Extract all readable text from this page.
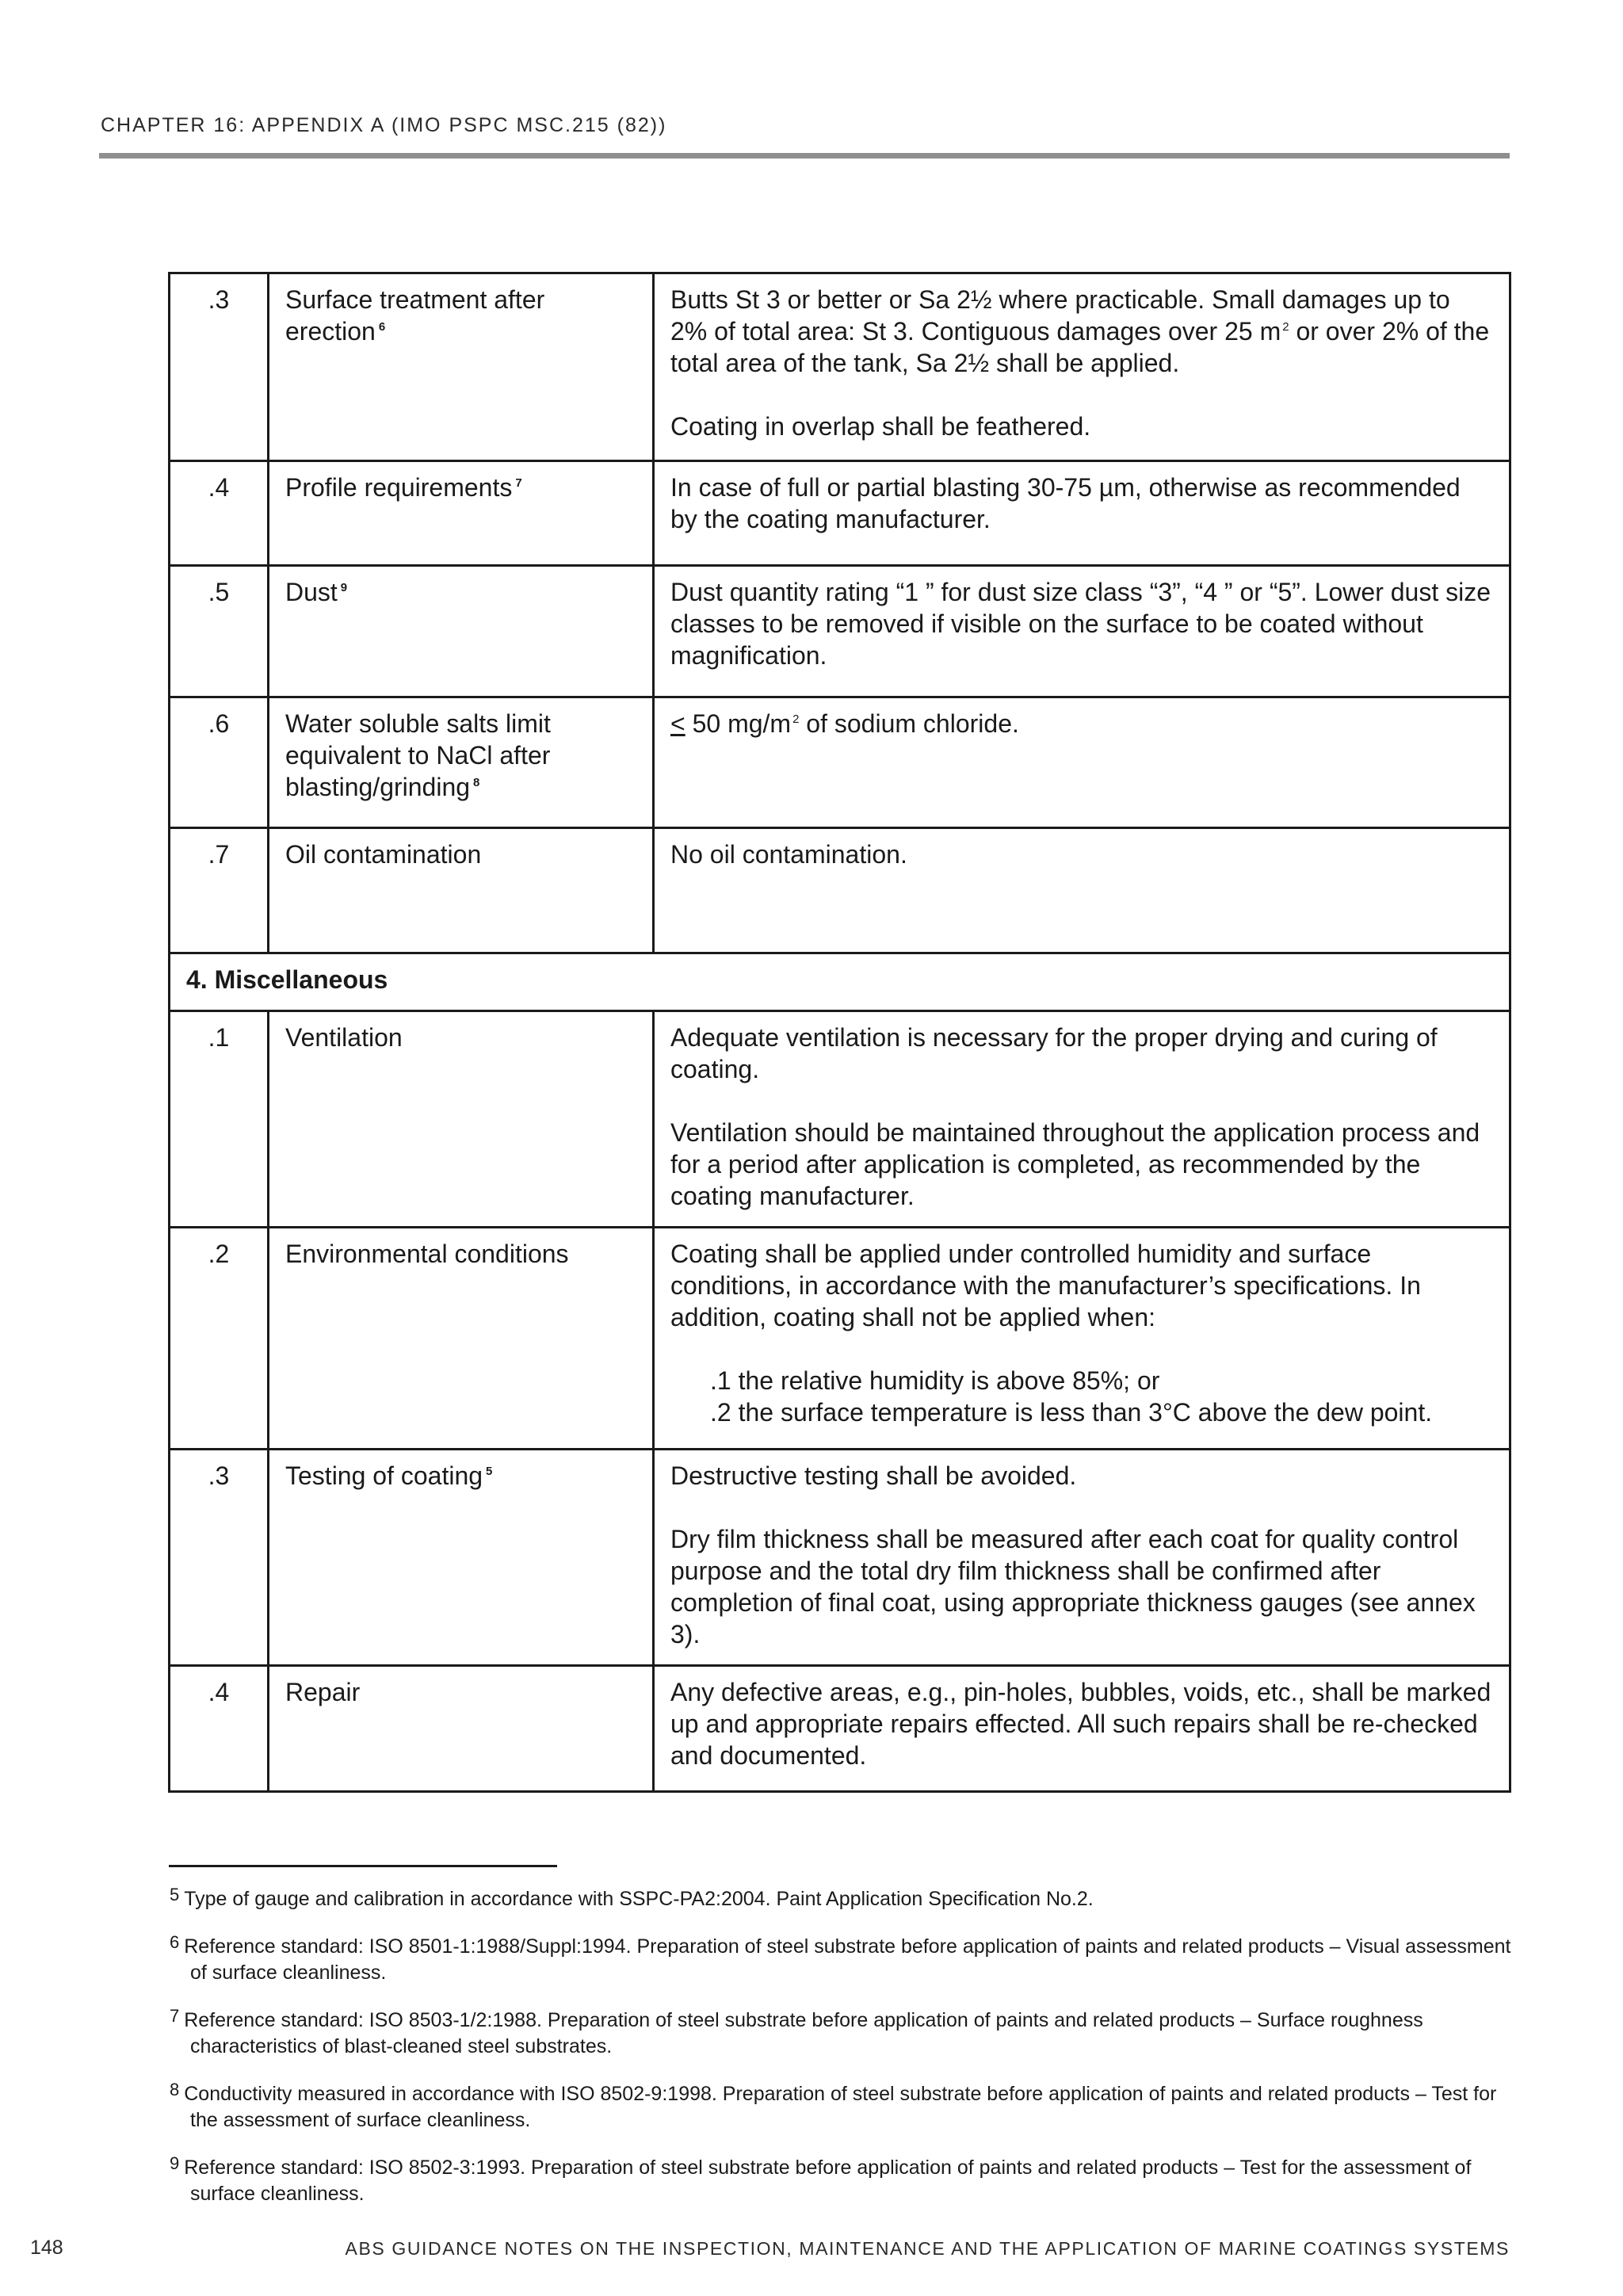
CHAPTER 16: APPENDIX A (IMO PSPC MSC.215 (82))
.3	Surface treatment after erection $^6$	Butts St 3 or better or Sa 2½ where practicable. Small damages up to 2% of total area: St 3. Contiguous damages over 25 m $^2$ or over 2% of the total area of the tank, Sa 2½ shall be applied.

Coating in overlap shall be feathered.

.4	Profile requirements $^7$	In case of full or partial blasting 30-75 µm, otherwise as recommended by the coating manufacturer.

.5	Dust $^9$	Dust quantity rating “1 ” for dust size class “3”, “4 ” or “5”. Lower dust size classes to be removed if visible on the surface to be coated without magnification.

.6	Water soluble salts limit equivalent to NaCl after blasting/grinding $^8$	≤ 50 mg/m $^2$ of sodium chloride.

.7	Oil contamination	No oil contamination.

4. Miscellaneous		
.1	Ventilation	Adequate ventilation is necessary for the proper drying and curing of coating.

Ventilation should be maintained throughout the application process and for a period after application is completed, as recommended by the coating manufacturer.

.2	Environmental conditions	Coating shall be applied under controlled humidity and surface conditions, in accordance with the manufacturer’s specifications. In addition, coating shall not be applied when:

.1 the relative humidity is above 85%; or
.2 the surface temperature is less than 3°C above the dew point.

.3	Testing of coating $^5$	Destructive testing shall be avoided.

Dry film thickness shall be measured after each coat for quality control purpose and the total dry film thickness shall be confirmed after completion of final coat, using appropriate thickness gauges (see annex 3).

.4	Repair	Any defective areas, e.g., pin-holes, bubbles, voids, etc., shall be marked up and appropriate repairs effected. All such repairs shall be re-checked and documented.

5 Type of gauge and calibration in accordance with SSPC-PA2:2004. Paint Application Specification No.2.
6 Reference standard: ISO 8501-1:1988/Suppl:1994. Preparation of steel substrate before application of paints and related products – Visual assessment of surface cleanliness.
7 Reference standard: ISO 8503-1/2:1988. Preparation of steel substrate before application of paints and related products – Surface roughness characteristics of blast-cleaned steel substrates.
8 Conductivity measured in accordance with ISO 8502-9:1998. Preparation of steel substrate before application of paints and related products – Test for the assessment of surface cleanliness.
9 Reference standard: ISO 8502-3:1993. Preparation of steel substrate before application of paints and related products – Test for the assessment of surface cleanliness.
148	ABS GUIDANCE NOTES ON THE INSPECTION, MAINTENANCE AND THE APPLICATION OF MARINE COATINGS SYSTEMS
